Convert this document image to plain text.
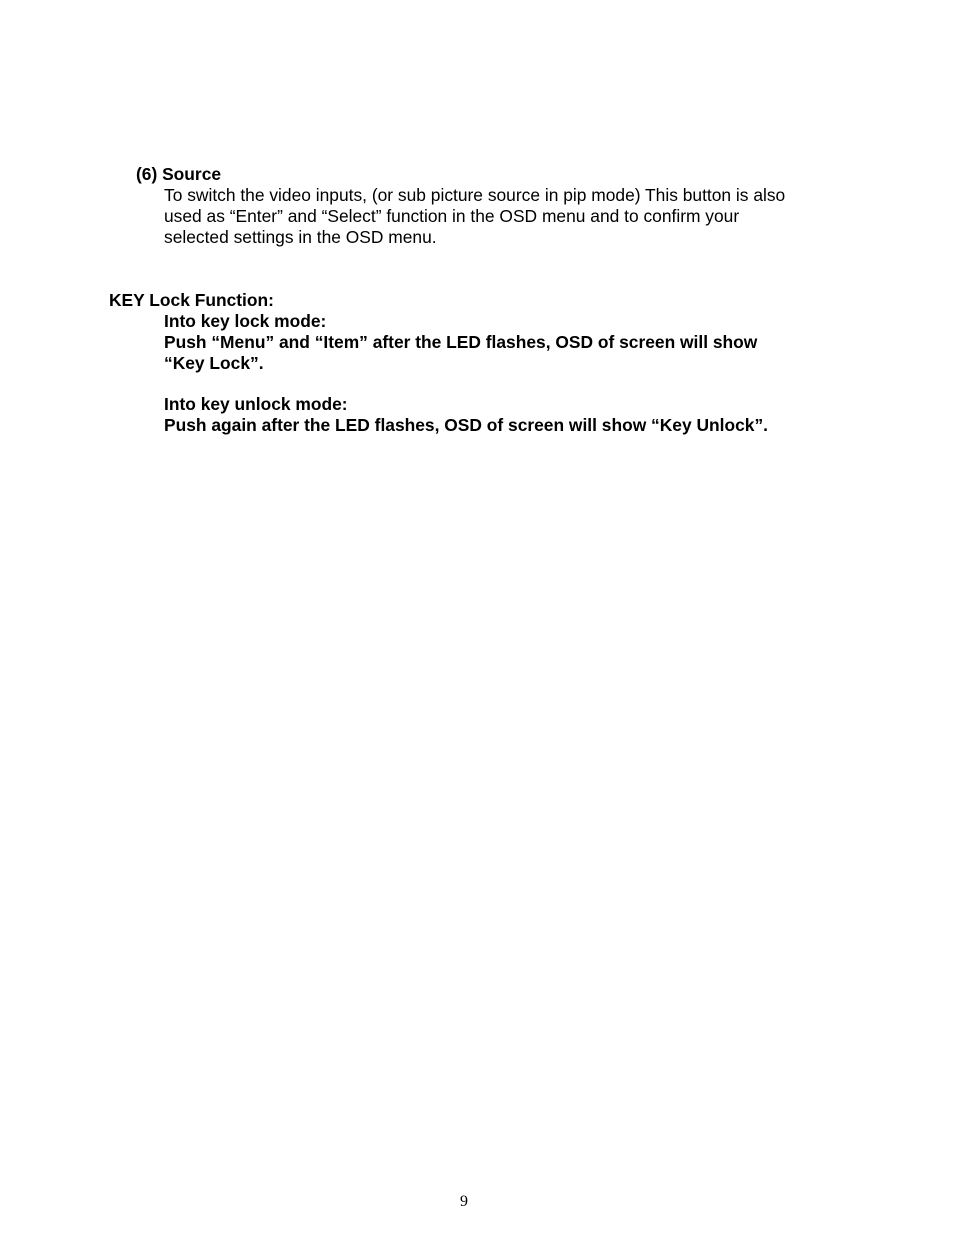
(6) Source
To switch the video inputs, (or sub picture source in pip mode) This button is also
used as “Enter” and “Select” function in the OSD menu and to confirm your
selected settings in the OSD menu.
KEY Lock Function:
Into key lock mode:
Push “Menu” and “Item” after the LED flashes, OSD of screen will show
“Key Lock”.
Into key unlock mode:
Push again after the LED flashes, OSD of screen will show “Key Unlock”.
9
